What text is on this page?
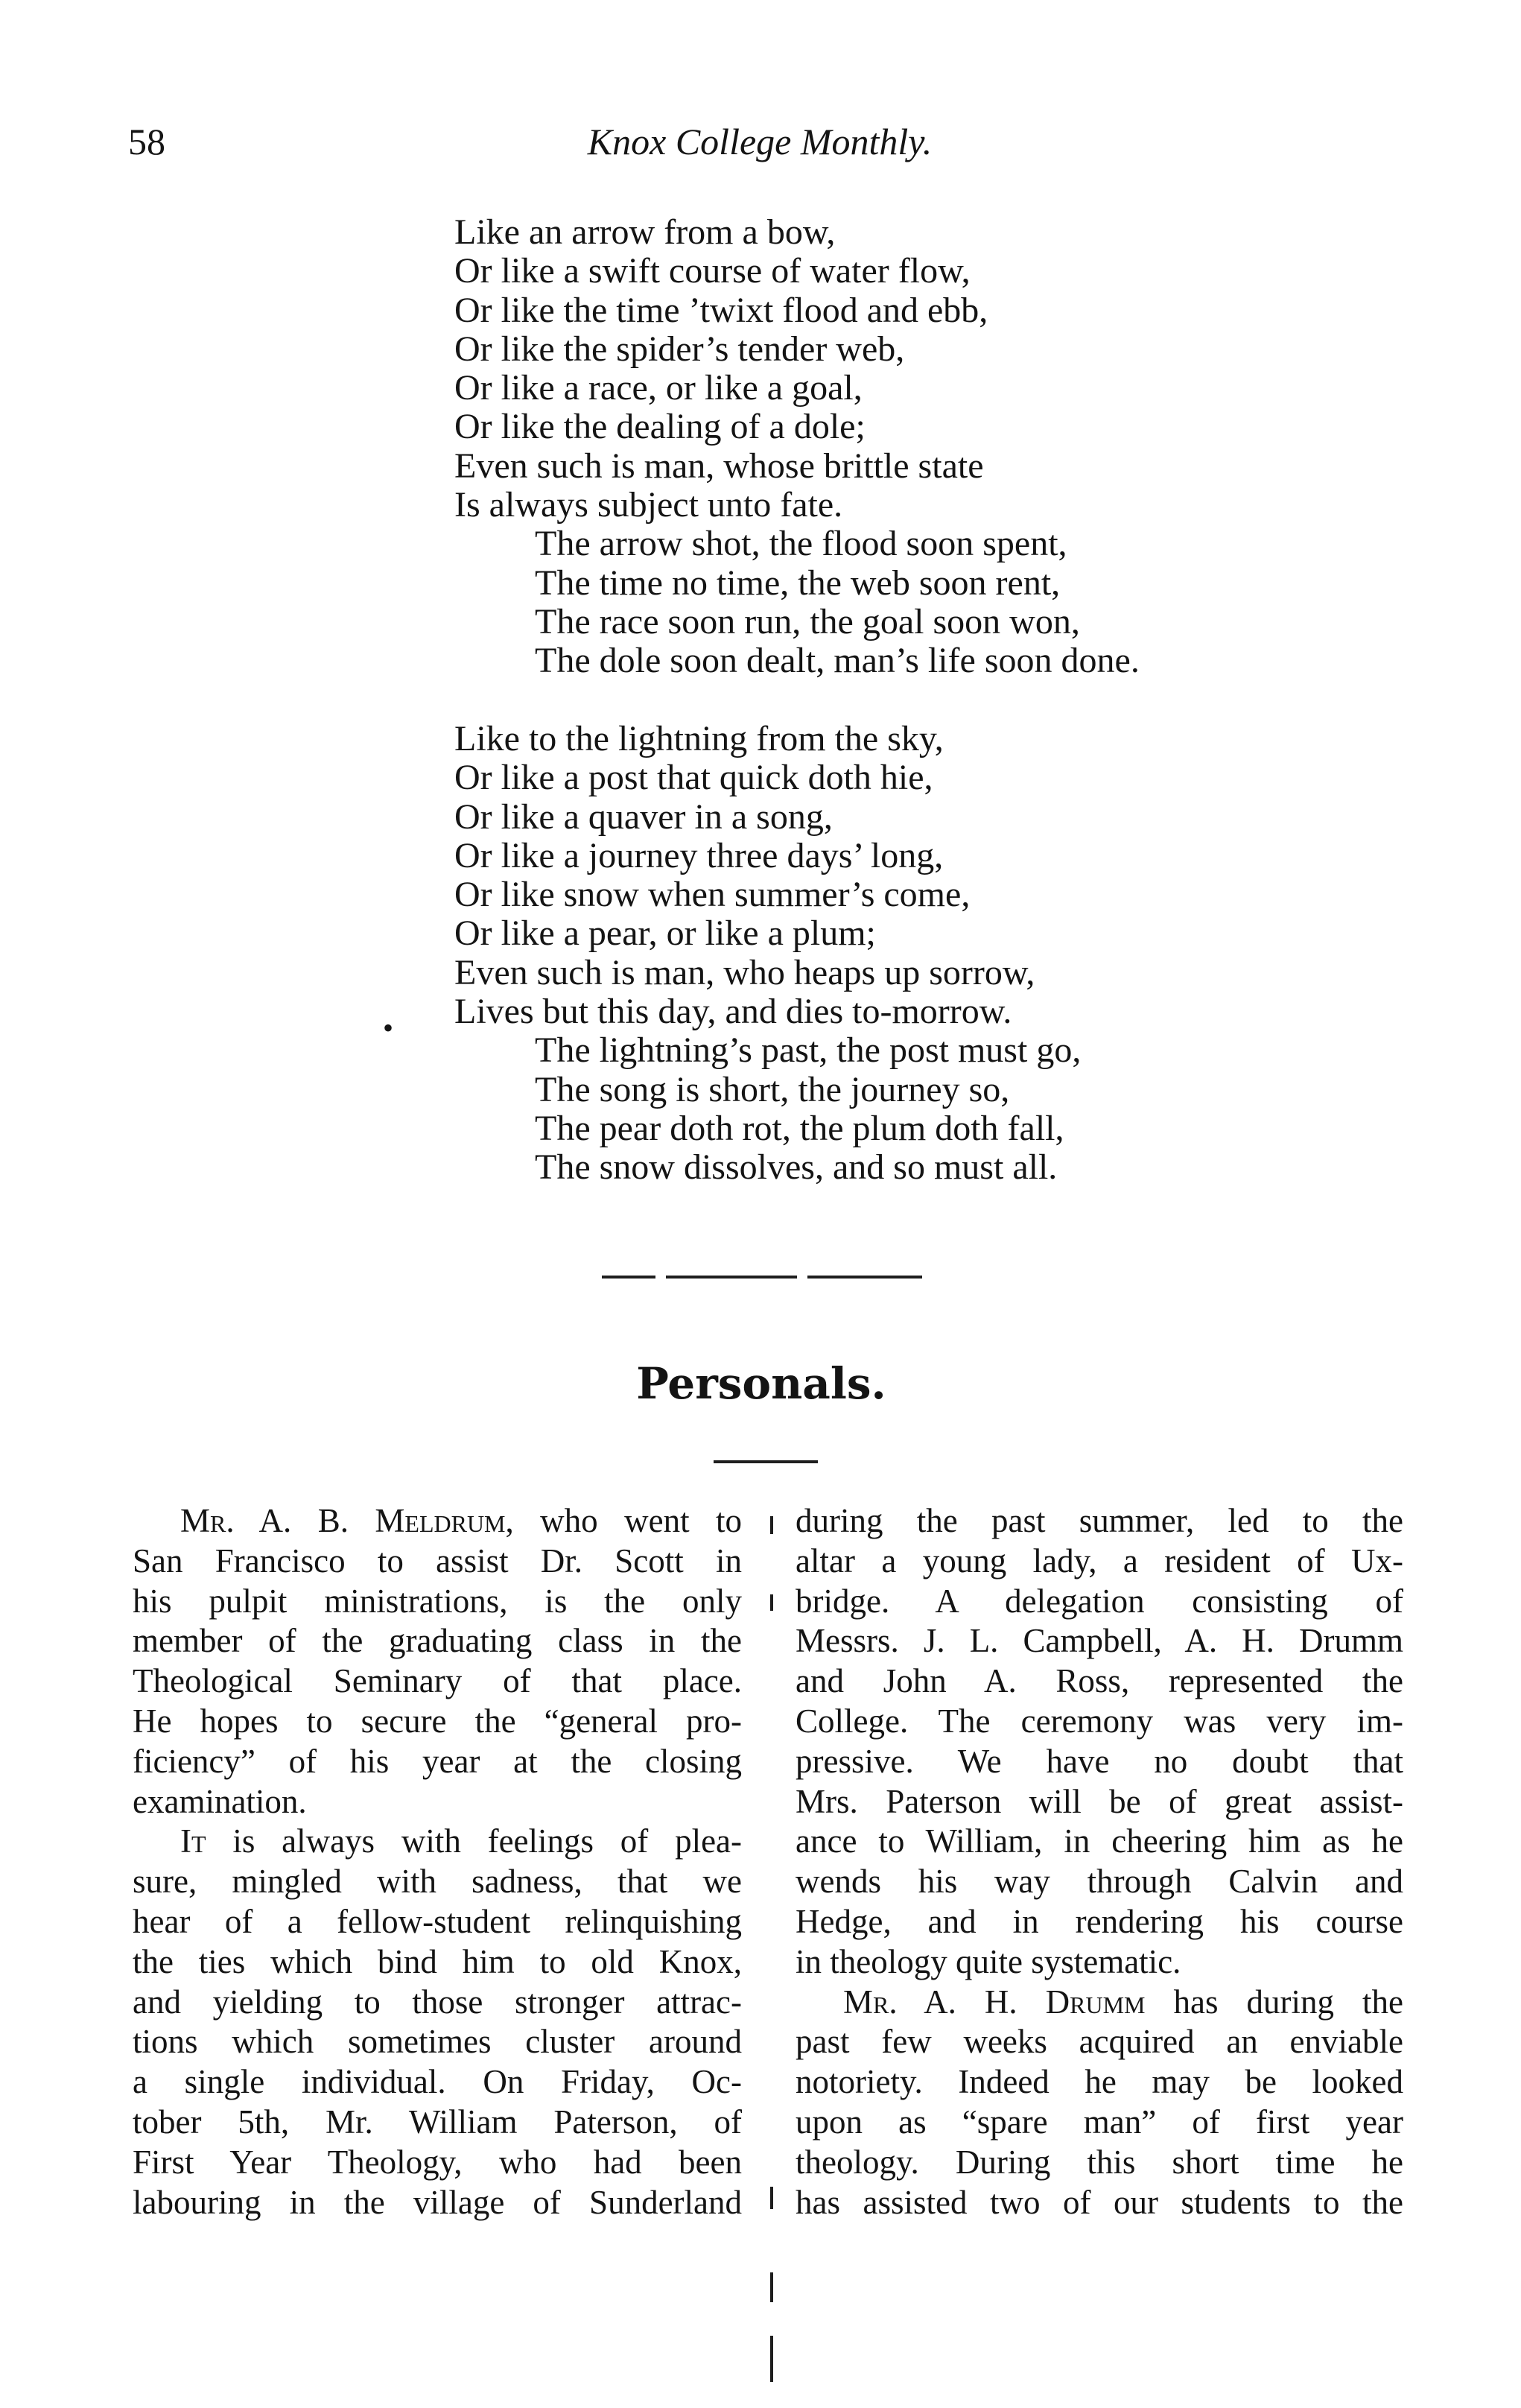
58	Knox College Monthly.
Like an arrow from a bow,
Or like a swift course of water flow,
Or like the time ’twixt flood and ebb,
Or like the spider’s tender web,
Or like a race, or like a goal,
Or like the dealing of a dole;
Even such is man, whose brittle state
Is always subject unto fate.
The arrow shot, the flood soon spent,
The time no time, the web soon rent,
The race soon run, the goal soon won,
The dole soon dealt, man’s life soon done.
Like to the lightning from the sky,
Or like a post that quick doth hie,
Or like a quaver in a song,
Or like a journey three days’ long,
Or like snow when summer’s come,
Or like a pear, or like a plum;
Even such is man, who heaps up sorrow,
Lives but this day, and dies to-morrow.
The lightning’s past, the post must go,
The song is short, the journey so,
The pear doth rot, the plum doth fall,
The snow dissolves, and so must all.
•
Personals.
Mr. A. B. Meldrum, who went to
San Francisco to assist Dr. Scott in
his pulpit ministrations, is the only
member of the graduating class in the
Theological Seminary of that place.
He hopes to secure the “general pro-
ficiency” of his year at the closing
examination.
It is always with feelings of plea-
sure, mingled with sadness, that we
hear of a fellow-student relinquishing
the ties which bind him to old Knox,
and yielding to those stronger attrac-
tions which sometimes cluster around
a single individual. On Friday, Oc-
tober 5th, Mr. William Paterson, of
First Year Theology, who had been
labouring in the village of Sunderland
during the past summer, led to the
altar a young lady, a resident of Ux-
bridge. A delegation consisting of
Messrs. J. L. Campbell, A. H. Drumm
and John A. Ross, represented the
College. The ceremony was very im-
pressive. We have no doubt that
Mrs. Paterson will be of great assist-
ance to William, in cheering him as he
wends his way through Calvin and
Hedge, and in rendering his course
in theology quite systematic.
Mr. A. H. Drumm has during the
past few weeks acquired an enviable
notoriety. Indeed he may be looked
upon as “spare man” of first year
theology. During this short time he
has assisted two of our students to the
